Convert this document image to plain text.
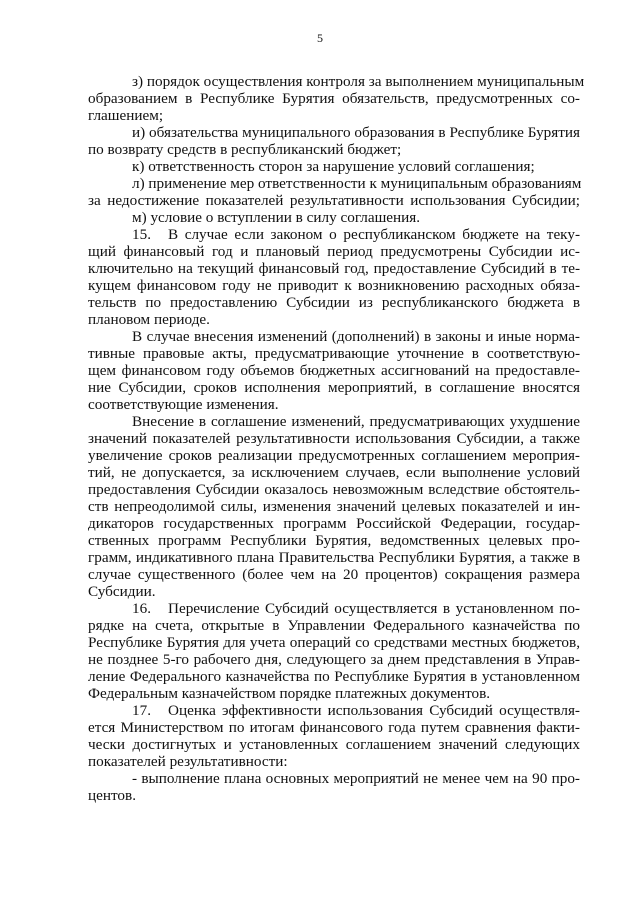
5
з) порядок осуществления контроля за выполнением муниципальным
образованием в Республике Бурятия обязательств, предусмотренных со-
глашением;
и) обязательства муниципального образования в Республике Бурятия
по возврату средств в республиканский бюджет;
к) ответственность сторон за нарушение условий соглашения;
л) применение мер ответственности к муниципальным образованиям
за недостижение показателей результативности использования Субсидии;
м) условие о вступлении в силу соглашения.
15. В случае если законом о республиканском бюджете на теку-
щий финансовый год и плановый период предусмотрены Субсидии ис-
ключительно на текущий финансовый год, предоставление Субсидий в те-
кущем финансовом году не приводит к возникновению расходных обяза-
тельств по предоставлению Субсидии из республиканского бюджета в
плановом периоде.
В случае внесения изменений (дополнений) в законы и иные норма-
тивные правовые акты, предусматривающие уточнение в соответствую-
щем финансовом году объемов бюджетных ассигнований на предоставле-
ние Субсидии, сроков исполнения мероприятий, в соглашение вносятся
соответствующие изменения.
Внесение в соглашение изменений, предусматривающих ухудшение
значений показателей результативности использования Субсидии, а также
увеличение сроков реализации предусмотренных соглашением мероприя-
тий, не допускается, за исключением случаев, если выполнение условий
предоставления Субсидии оказалось невозможным вследствие обстоятель-
ств непреодолимой силы, изменения значений целевых показателей и ин-
дикаторов государственных программ Российской Федерации, государ-
ственных программ Республики Бурятия, ведомственных целевых про-
грамм, индикативного плана Правительства Республики Бурятия, а также в
случае существенного (более чем на 20 процентов) сокращения размера
Субсидии.
16. Перечисление Субсидий осуществляется в установленном по-
рядке на счета, открытые в Управлении Федерального казначейства по
Республике Бурятия для учета операций со средствами местных бюджетов,
не позднее 5-го рабочего дня, следующего за днем представления в Управ-
ление Федерального казначейства по Республике Бурятия в установленном
Федеральным казначейством порядке платежных документов.
17. Оценка эффективности использования Субсидий осуществля-
ется Министерством по итогам финансового года путем сравнения факти-
чески достигнутых и установленных соглашением значений следующих
показателей результативности:
- выполнение плана основных мероприятий не менее чем на 90 про-
центов.
